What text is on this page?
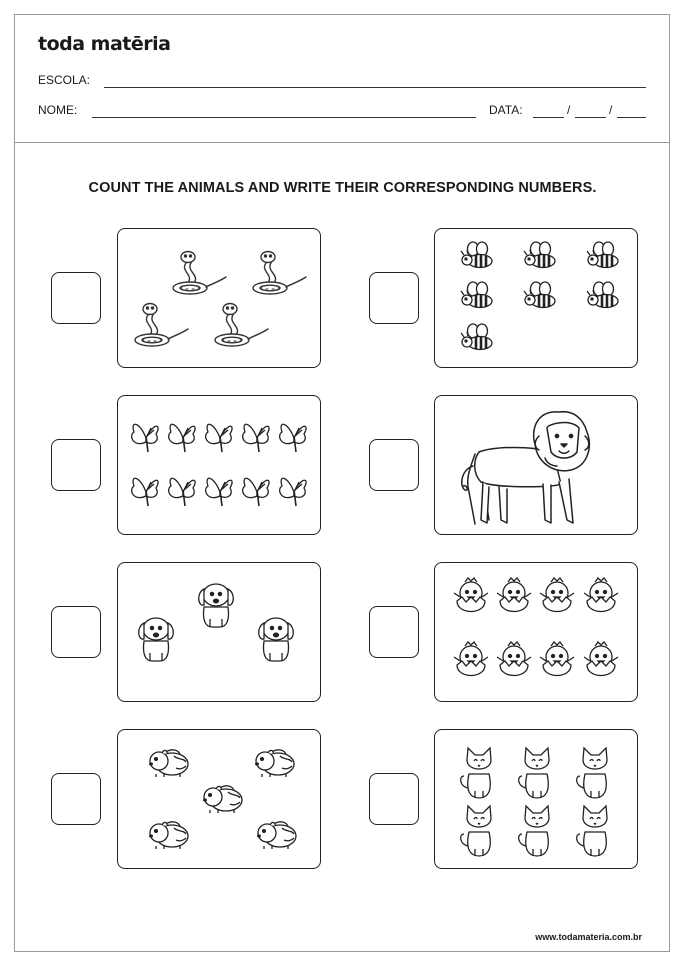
toda matēria
ESCOLA:
NOME:	DATA:	/	/
COUNT THE ANIMALS AND WRITE THEIR CORRESPONDING NUMBERS.
www.todamateria.com.br
